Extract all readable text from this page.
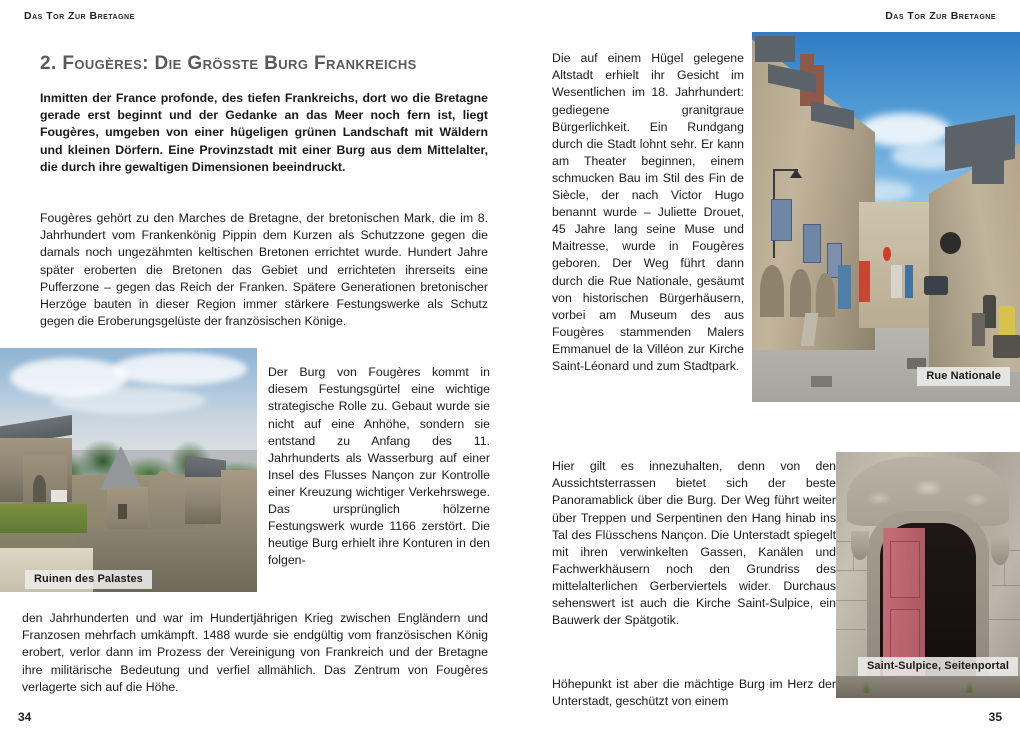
Das Tor Zur Bretagne
2. Fougères: Die Grösste Burg Frankreichs

Inmitten der France profonde, des tiefen Frankreichs, dort wo die Bretagne gerade erst beginnt und der Gedanke an das Meer noch fern ist, liegt Fougères, umgeben von einer hügeligen grünen Landschaft mit Wäldern und kleinen Dörfern. Eine Provinzstadt mit einer Burg aus dem Mittelalter, die durch ihre gewaltigen Dimensionen beeindruckt.

Fougères gehört zu den Marches de Bretagne, der bretonischen Mark, die im 8. Jahrhundert vom Frankenkönig Pippin dem Kurzen als Schutzzone gegen die damals noch ungezähmten keltischen Bretonen errichtet wurde. Hundert Jahre später eroberten die Bretonen das Gebiet und errichteten ihrerseits eine Pufferzone – gegen das Reich der Franken. Spätere Generationen bretonischer Herzöge bauten in dieser Region immer stärkere Festungswerke als Schutz gegen die Eroberungsgelüste der französischen Könige.

Ruinen des Palastes

Der Burg von Fougères kommt in diesem Festungsgürtel eine wichtige strategische Rolle zu. Gebaut wurde sie nicht auf eine Anhöhe, sondern sie entstand zu Anfang des 11. Jahrhunderts als Wasserburg auf einer Insel des Flusses Nançon zur Kontrolle einer Kreuzung wichtiger Verkehrswege. Das ursprünglich hölzerne Festungswerk wurde 1166 zerstört. Die heutige Burg erhielt ihre Konturen in den folgen-

den Jahrhunderten und war im Hundertjährigen Krieg zwischen Engländern und Franzosen mehrfach umkämpft. 1488 wurde sie endgültig vom französischen König erobert, verlor dann im Prozess der Vereinigung von Frankreich und der Bretagne ihre militärische Bedeutung und verfiel allmählich. Das Zentrum von Fougères verlagerte sich auf die Höhe.

34
Das Tor Zur Bretagne

Die auf einem Hügel gelegene Altstadt erhielt ihr Gesicht im Wesentlichen im 18. Jahrhundert: gediegene granitgraue Bürgerlichkeit. Ein Rundgang durch die Stadt lohnt sehr. Er kann am Theater beginnen, einem schmucken Bau im Stil des Fin de Siècle, der nach Victor Hugo benannt wurde – Juliette Drouet, 45 Jahre lang seine Muse und Maitresse, wurde in Fougères geboren. Der Weg führt dann durch die Rue Nationale, gesäumt von historischen Bürgerhäusern, vorbei am Museum des aus Fougères stammenden Malers Emmanuel de la Villéon zur Kirche Saint-Léonard und zum Stadtpark.

Rue Nationale

Hier gilt es innezuhalten, denn von den Aussichtsterrassen bietet sich der beste Panoramablick über die Burg. Der Weg führt weiter über Treppen und Serpentinen den Hang hinab ins Tal des Flüsschens Nançon. Die Unterstadt spiegelt mit ihren verwinkelten Gassen, Kanälen und Fachwerkhäusern noch den Grundriss des mittelalterlichen Gerberviertels wider. Durchaus sehenswert ist auch die Kirche Saint-Sulpice, ein Bauwerk der Spätgotik.

Saint-Sulpice, Seitenportal

Höhepunkt ist aber die mächtige Burg im Herz der Unterstadt, geschützt von einem

35
